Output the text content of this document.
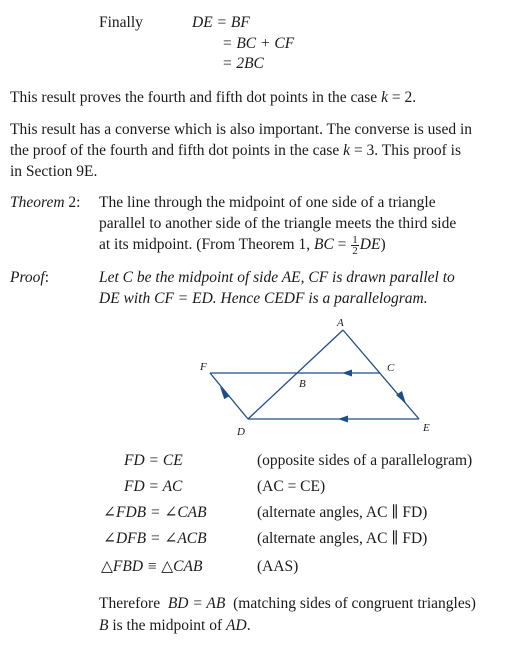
Finally	DE = BF
= BC + CF
= 2BC
This result proves the fourth and fifth dot points in the case k = 2.
This result has a converse which is also important. The converse is used in
the proof of the fourth and fifth dot points in the case k = 3. This proof is
in Section 9E.
Theorem 2: The line through the midpoint of one side of a triangle
parallel to another side of the triangle meets the third side
at its midpoint. (From Theorem 1, BC = $\frac{1}{2} DE$)
Proof:	Let C be the midpoint of side AE, CF is drawn parallel to
DE with CF = ED. Hence CEDF is a parallelogram.
A
B
C
D	E
F
FD = CE	(opposite sides of a parallelogram)
FD = AC	(AC = CE)
∠FDB = ∠CAB	(alternate angles, AC ∥ FD)
∠DFB = ∠ACB	(alternate angles, AC ∥ FD)
△FBD ≡ △CAB	(AAS)
Therefore BD = AB (matching sides of congruent triangles)
B is the midpoint of AD.
